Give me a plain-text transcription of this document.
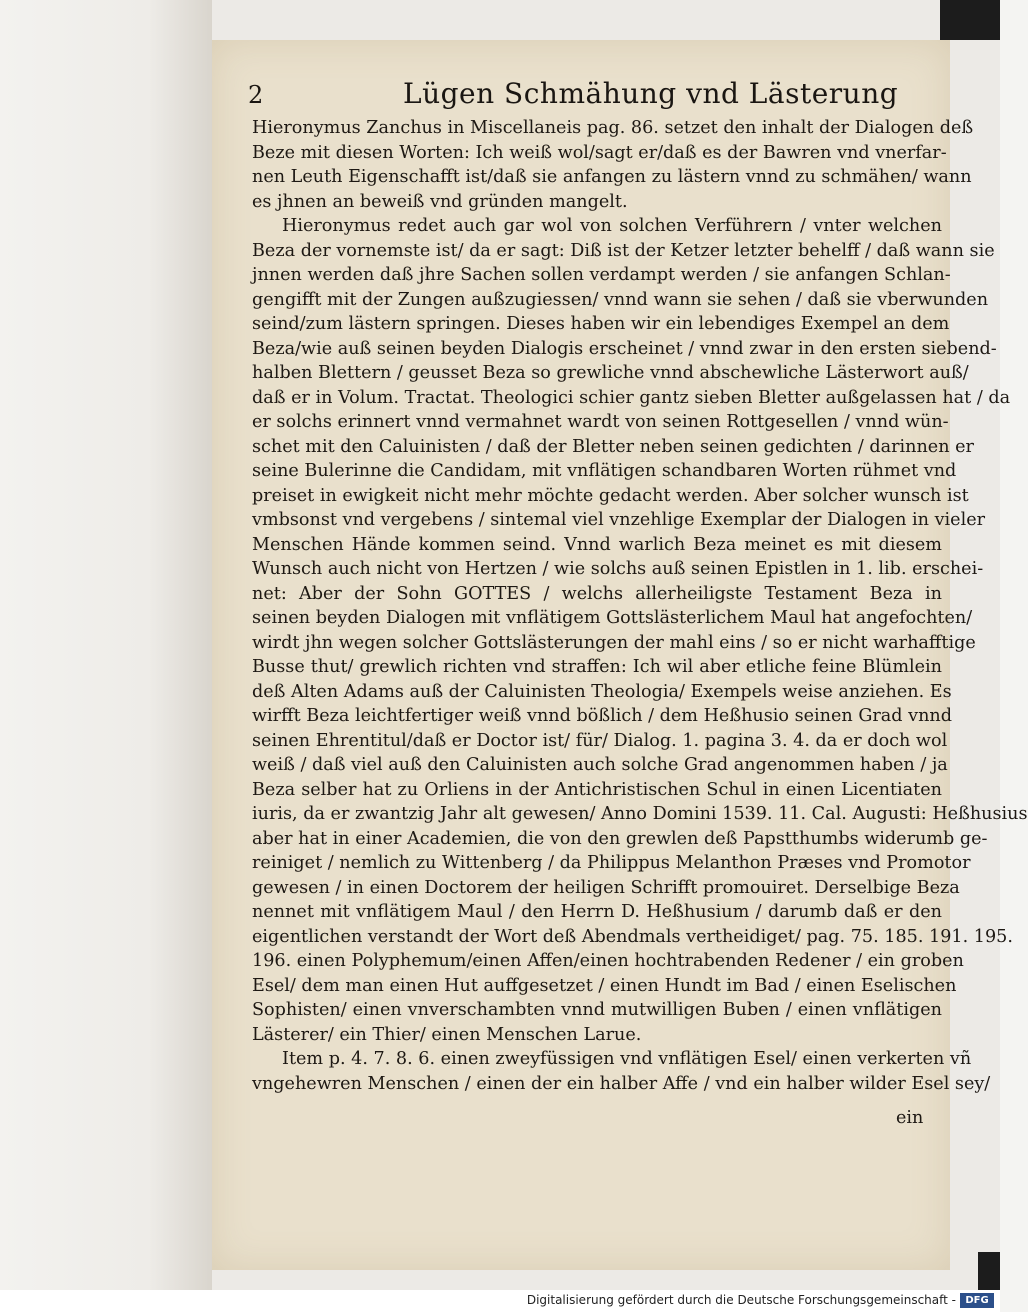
2	Lügen Schmähung vnd Lästerung
Hieronymus Zanchus in Miscellaneis pag. 86. setzet den inhalt der Dialogen deß
Beze mit diesen Worten: Ich weiß wol/sagt er/daß es der Bawren vnd vnerfar-
nen Leuth Eigenschafft ist/daß sie anfangen zu lästern vnnd zu schmähen/ wann
es jhnen an beweiß vnd gründen mangelt.
Hieronymus redet auch gar wol von solchen Verführern / vnter welchen
Beza der vornemste ist/ da er sagt: Diß ist der Ketzer letzter behelff / daß wann sie
jnnen werden daß jhre Sachen sollen verdampt werden / sie anfangen Schlan-
gengifft mit der Zungen außzugiessen/ vnnd wann sie sehen / daß sie vberwunden
seind/zum lästern springen. Dieses haben wir ein lebendiges Exempel an dem
Beza/wie auß seinen beyden Dialogis erscheinet / vnnd zwar in den ersten siebend-
halben Blettern / geusset Beza so grewliche vnnd abschewliche Lästerwort auß/
daß er in Volum. Tractat. Theologici schier gantz sieben Bletter außgelassen hat / da
er solchs erinnert vnnd vermahnet wardt von seinen Rottgesellen / vnnd wün-
schet mit den Caluinisten / daß der Bletter neben seinen gedichten / darinnen er
seine Bulerinne die Candidam, mit vnflätigen schandbaren Worten rühmet vnd
preiset in ewigkeit nicht mehr möchte gedacht werden. Aber solcher wunsch ist
vmbsonst vnd vergebens / sintemal viel vnzehlige Exemplar der Dialogen in vieler
Menschen Hände kommen seind. Vnnd warlich Beza meinet es mit diesem
Wunsch auch nicht von Hertzen / wie solchs auß seinen Epistlen in 1. lib. erschei-
net: Aber der Sohn GOTTES / welchs allerheiligste Testament Beza in
seinen beyden Dialogen mit vnflätigem Gottslästerlichem Maul hat angefochten/
wirdt jhn wegen solcher Gottslästerungen der mahl eins / so er nicht warhafftige
Busse thut/ grewlich richten vnd straffen: Ich wil aber etliche feine Blümlein
deß Alten Adams auß der Caluinisten Theologia/ Exempels weise anziehen. Es
wirfft Beza leichtfertiger weiß vnnd bößlich / dem Heßhusio seinen Grad vnnd
seinen Ehrentitul/daß er Doctor ist/ für/ Dialog. 1. pagina 3. 4. da er doch wol
weiß / daß viel auß den Caluinisten auch solche Grad angenommen haben / ja
Beza selber hat zu Orliens in der Antichristischen Schul in einen Licentiaten
iuris, da er zwantzig Jahr alt gewesen/ Anno Domini 1539. 11. Cal. Augusti: Heßhusius
aber hat in einer Academien, die von den grewlen deß Papstthumbs widerumb ge-
reiniget / nemlich zu Wittenberg / da Philippus Melanthon Præses vnd Promotor
gewesen / in einen Doctorem der heiligen Schrifft promouiret. Derselbige Beza
nennet mit vnflätigem Maul / den Herrn D. Heßhusium / darumb daß er den
eigentlichen verstandt der Wort deß Abendmals vertheidiget/ pag. 75. 185. 191. 195.
196. einen Polyphemum/einen Affen/einen hochtrabenden Redener / ein groben
Esel/ dem man einen Hut auffgesetzet / einen Hundt im Bad / einen Eselischen
Sophisten/ einen vnverschambten vnnd mutwilligen Buben / einen vnflätigen
Lästerer/ ein Thier/ einen Menschen Larue.
Item p. 4. 7. 8. 6. einen zweyfüssigen vnd vnflätigen Esel/ einen verkerten vñ
vngehewren Menschen / einen der ein halber Affe / vnd ein halber wilder Esel sey/
ein
Digitalisierung gefördert durch die Deutsche Forschungsgemeinschaft - DFG
